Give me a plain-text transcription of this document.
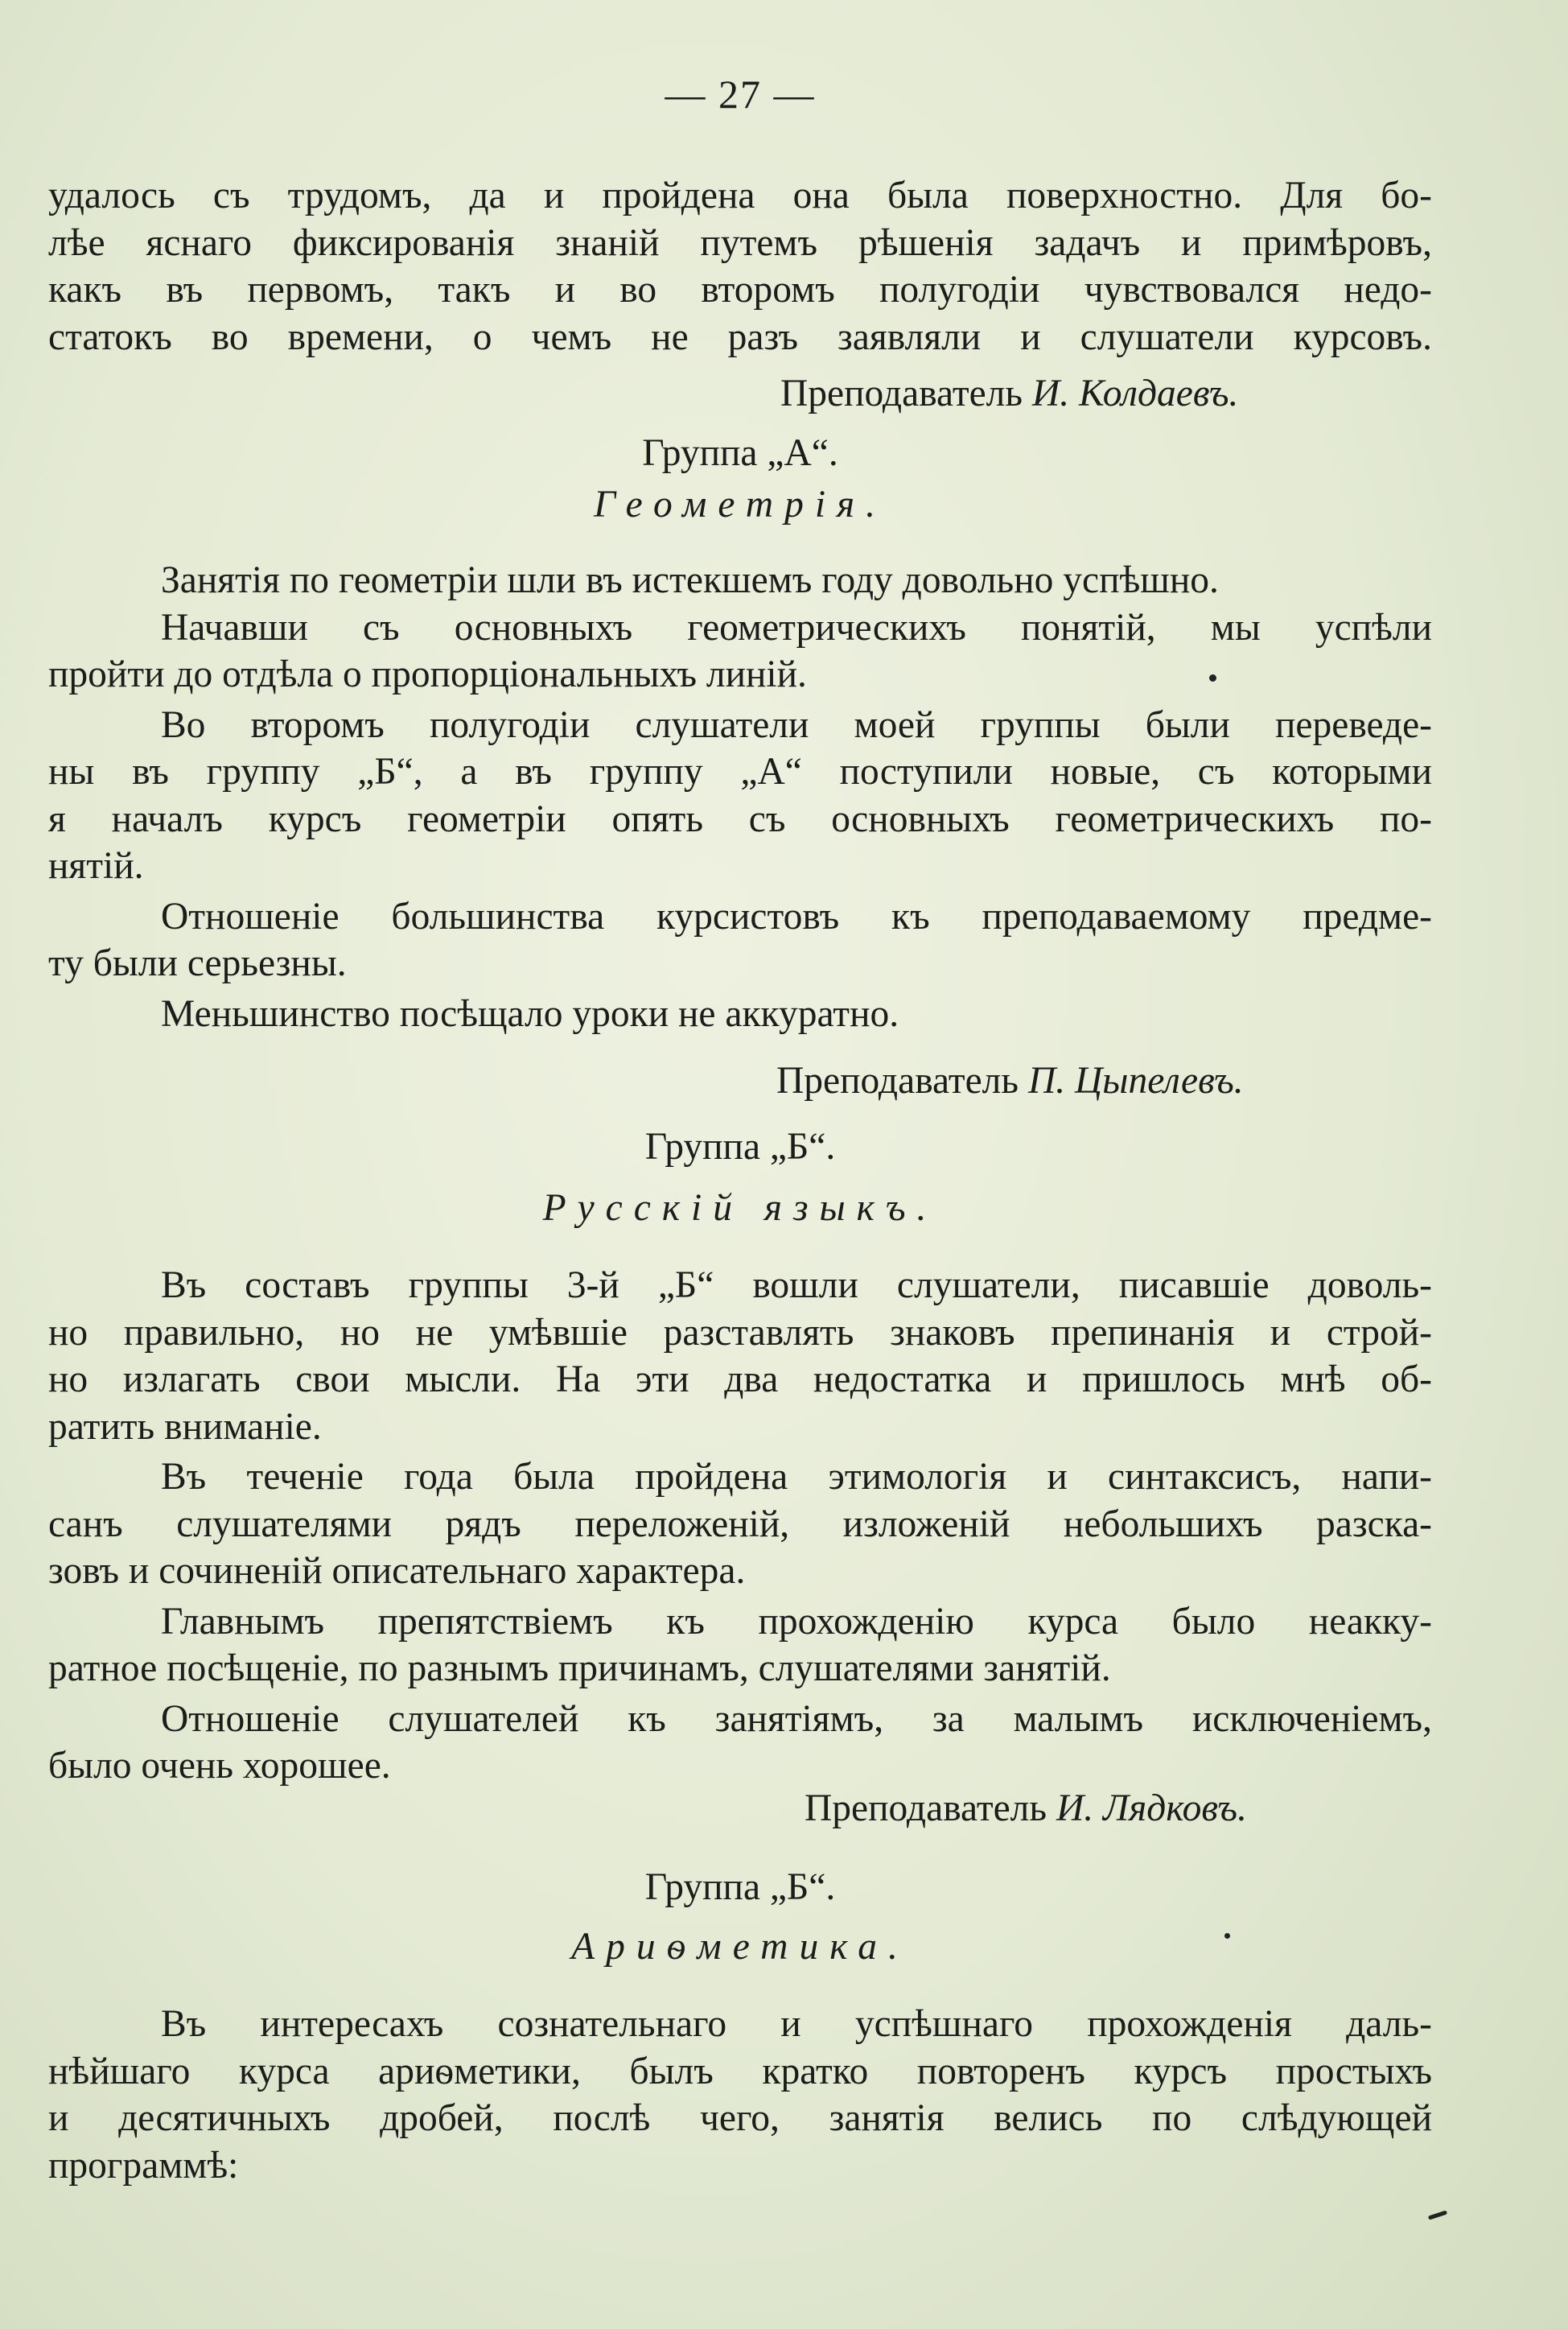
— 27 —
удалось съ трудомъ, да и пройдена она была поверхностно. Для бо-
лѣе яснаго фиксированія знаній путемъ рѣшенія задачъ и примѣровъ,
какъ въ первомъ, такъ и во второмъ полугодіи чувствовался недо-
статокъ во времени, о чемъ не разъ заявляли и слушатели курсовъ.
Преподаватель И. Колдаевъ.
Группа „А“.
Геометрія.
Занятія по геометріи шли въ истекшемъ году довольно успѣшно.
Начавши съ основныхъ геометрическихъ понятій, мы успѣли
пройти до отдѣла о пропорціональныхъ линій.
Во второмъ полугодіи слушатели моей группы были переведе-
ны въ группу „Б“, а въ группу „А“ поступили новые, съ которыми
я началъ курсъ геометріи опять съ основныхъ геометрическихъ по-
нятій.
Отношеніе большинства курсистовъ къ преподаваемому предме-
ту были серьезны.
Меньшинство посѣщало уроки не аккуратно.
Преподаватель П. Цыпелевъ.
Группа „Б“.
Русскій языкъ.
Въ составъ группы 3-й „Б“ вошли слушатели, писавшіе доволь-
но правильно, но не умѣвшіе разставлять знаковъ препинанія и строй-
но излагать свои мысли. На эти два недостатка и пришлось мнѣ об-
ратить вниманіе.
Въ теченіе года была пройдена этимологія и синтаксисъ, напи-
санъ слушателями рядъ переложеній, изложеній небольшихъ разска-
зовъ и сочиненій описательнаго характера.
Главнымъ препятствіемъ къ прохожденію курса было неакку-
ратное посѣщеніе, по разнымъ причинамъ, слушателями занятій.
Отношеніе слушателей къ занятіямъ, за малымъ исключеніемъ,
было очень хорошее.
Преподаватель И. Лядковъ.
Группа „Б“.
Ариѳметика.
Въ интересахъ сознательнаго и успѣшнаго прохожденія даль-
нѣйшаго курса ариѳметики, былъ кратко повторенъ курсъ простыхъ
и десятичныхъ дробей, послѣ чего, занятія велись по слѣдующей
программѣ:
